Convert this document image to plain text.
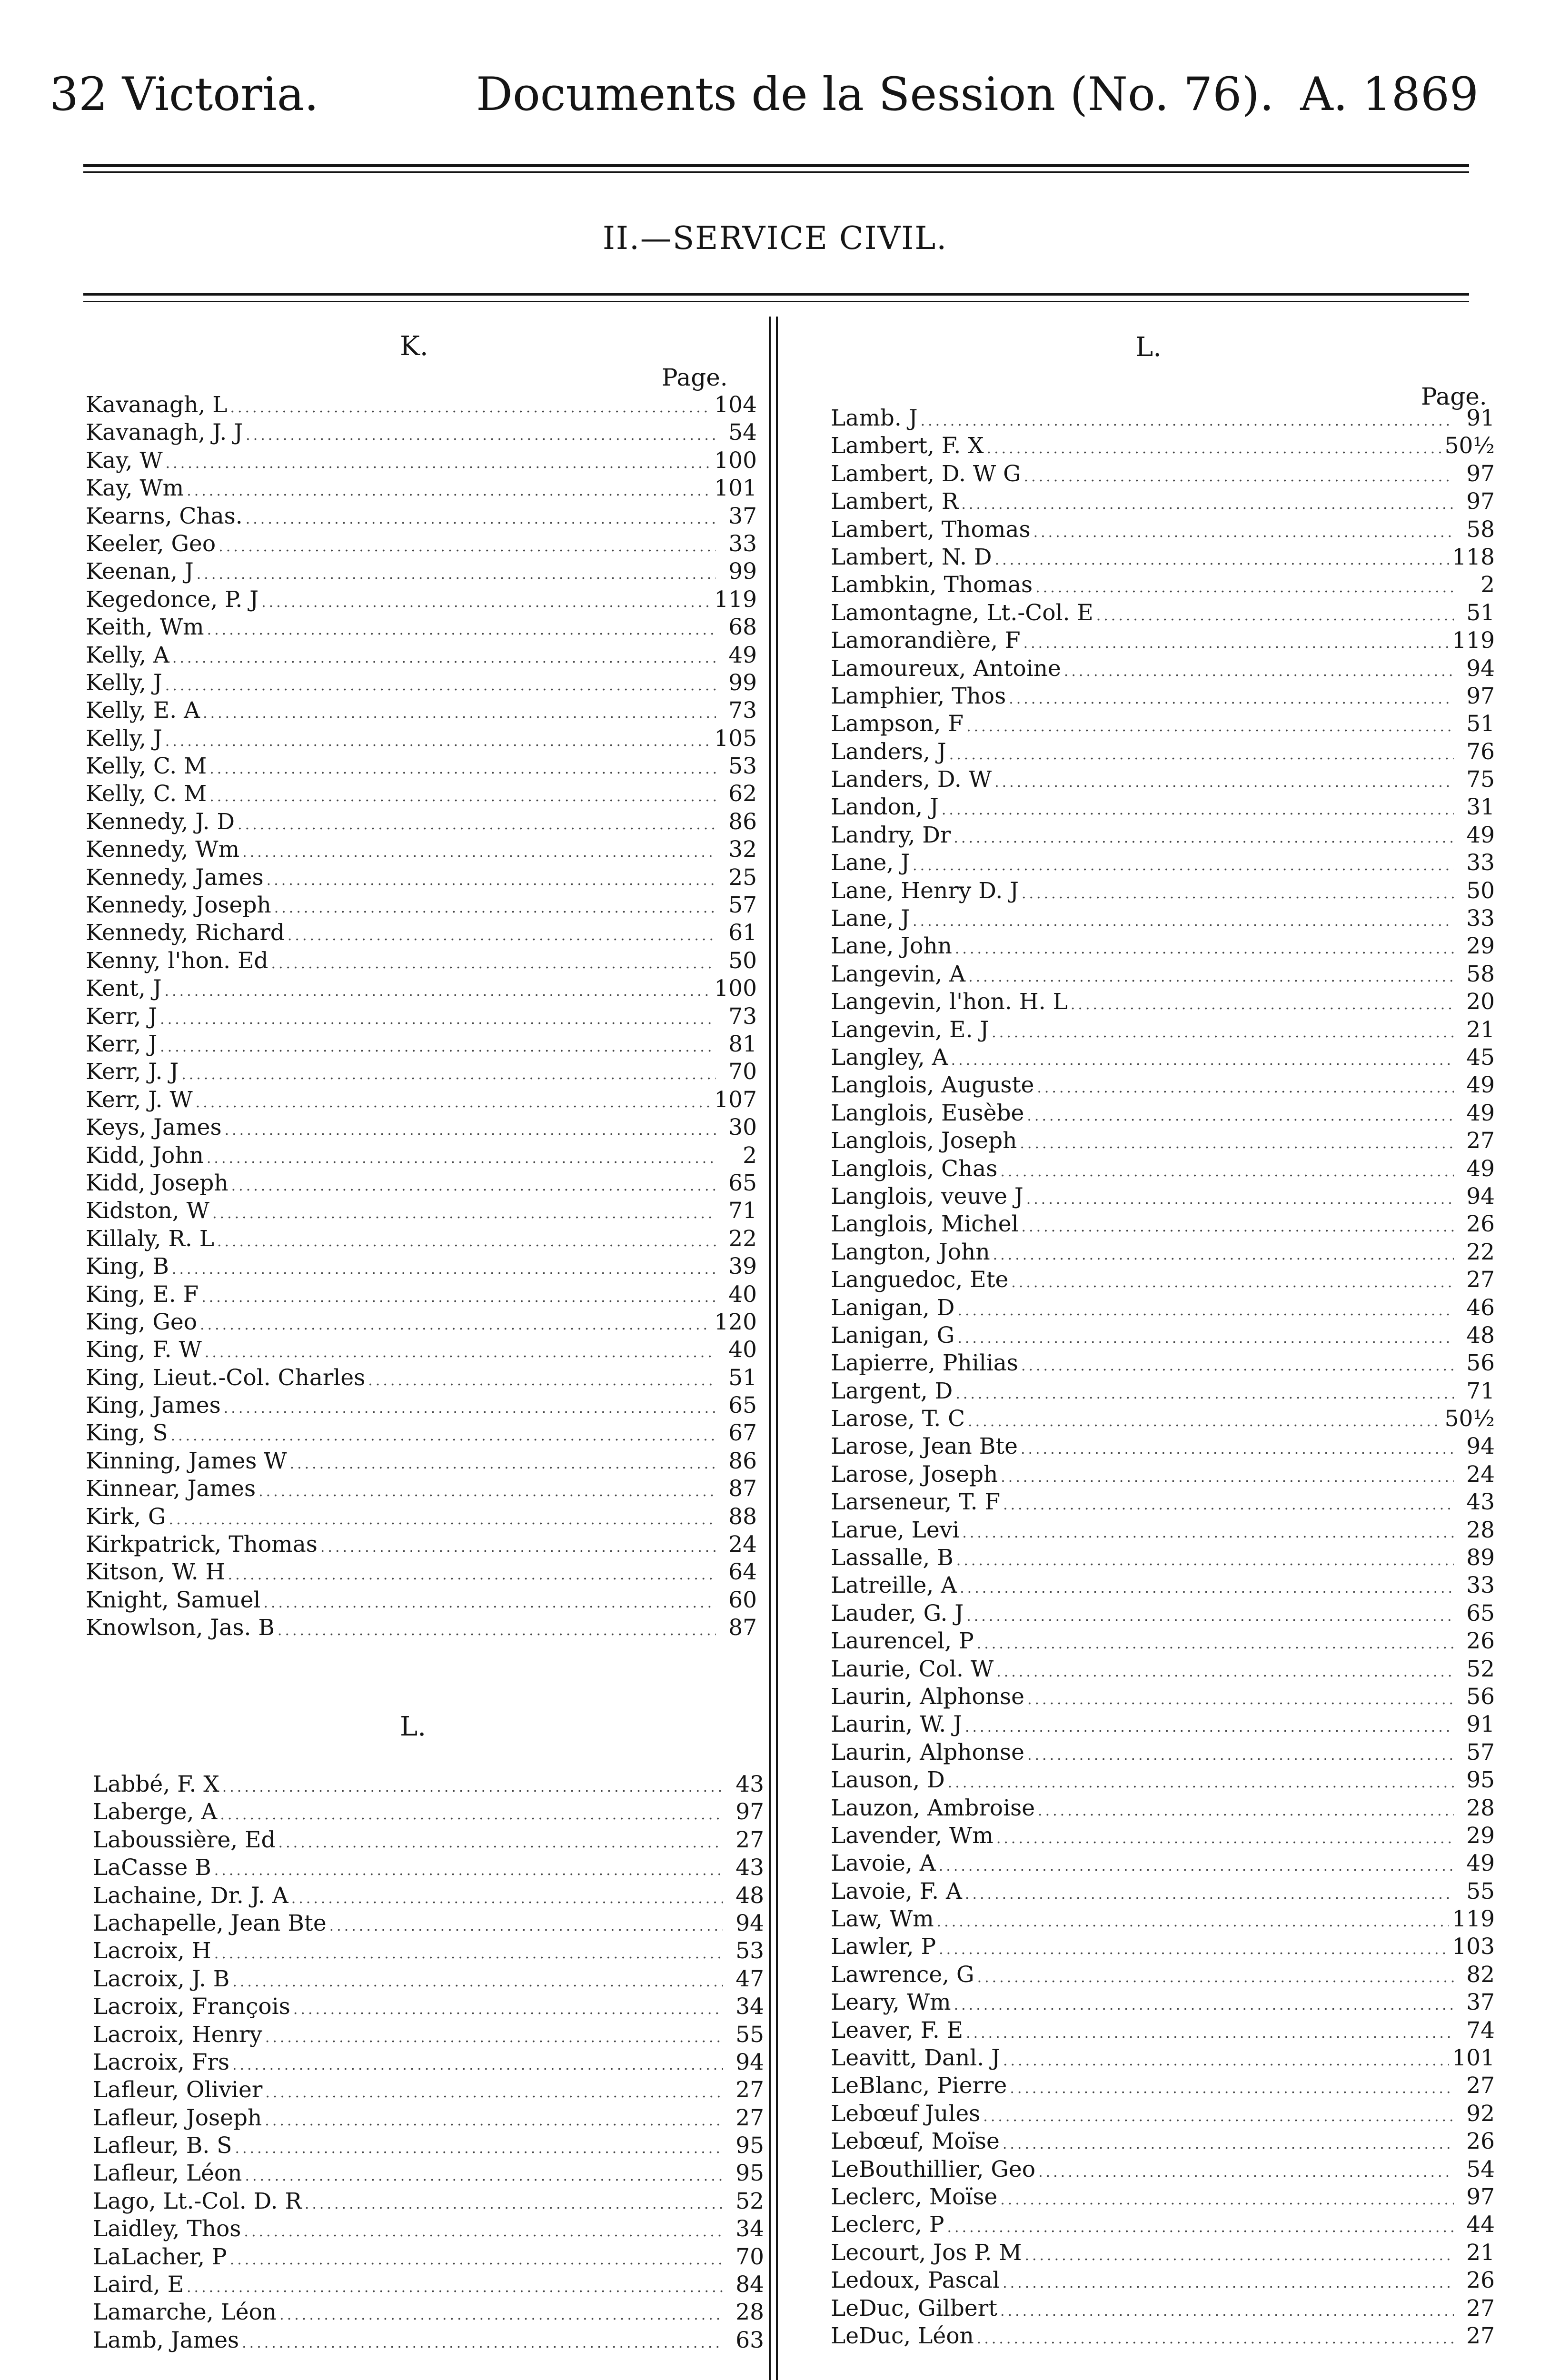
32 Victoria.	Documents de la Session (No. 76). A. 1869
II.—SERVICE CIVIL.
K.
Page.
Kavanagh, L .....	104
Kavanagh, J. J .....	54
Kay, W .....	100
Kay, Wm .....	101
Kearns, Chas. .....	37
Keeler, Geo .....	33
Keenan, J .....	99
Kegedonce, P. J .....	119
Keith, Wm .....	68
Kelly, A .....	49
Kelly, J .....	99
Kelly, E. A .....	73
Kelly, J .....	105
Kelly, C. M .....	53
Kelly, C. M .....	62
Kennedy, J. D .....	86
Kennedy, Wm .....	32
Kennedy, James .....	25
Kennedy, Joseph .....	57
Kennedy, Richard .....	61
Kenny, l'hon. Ed .....	50
Kent, J .....	100
Kerr, J .....	73
Kerr, J .....	81
Kerr, J. J .....	70
Kerr, J. W .....	107
Keys, James .....	30
Kidd, John .....	2
Kidd, Joseph .....	65
Kidston, W .....	71
Killaly, R. L .....	22
King, B .....	39
King, E. F .....	40
King, Geo .....	120
King, F. W .....	40
King, Lieut.-Col. Charles .....	51
King, James .....	65
King, S .....	67
Kinning, James W .....	86
Kinnear, James .....	87
Kirk, G .....	88
Kirkpatrick, Thomas .....	24
Kitson, W. H .....	64
Knight, Samuel .....	60
Knowlson, Jas. B .....	87
L.
Labbé, F. X .....	43
Laberge, A .....	97
Laboussière, Ed .....	27
LaCasse B .....	43
Lachaine, Dr. J. A .....	48
Lachapelle, Jean Bte .....	94
Lacroix, H .....	53
Lacroix, J. B .....	47
Lacroix, François .....	34
Lacroix, Henry .....	55
Lacroix, Frs .....	94
Lafleur, Olivier .....	27
Lafleur, Joseph .....	27
Lafleur, B. S .....	95
Lafleur, Léon .....	95
Lago, Lt.-Col. D. R .....	52
Laidley, Thos .....	34
LaLacher, P .....	70
Laird, E .....	84
Lamarche, Léon .....	28
Lamb, James .....	63
L.
Page.
Lamb. J .....	91
Lambert, F. X .....	50½
Lambert, D. W G .....	97
Lambert, R .....	97
Lambert, Thomas .....	58
Lambert, N. D .....	118
Lambkin, Thomas .....	2
Lamontagne, Lt.-Col. E .....	51
Lamorandière, F .....	119
Lamoureux, Antoine .....	94
Lamphier, Thos .....	97
Lampson, F .....	51
Landers, J .....	76
Landers, D. W .....	75
Landon, J .....	31
Landry, Dr .....	49
Lane, J .....	33
Lane, Henry D. J .....	50
Lane, J .....	33
Lane, John .....	29
Langevin, A .....	58
Langevin, l'hon. H. L .....	20
Langevin, E. J .....	21
Langley, A .....	45
Langlois, Auguste .....	49
Langlois, Eusèbe .....	49
Langlois, Joseph .....	27
Langlois, Chas .....	49
Langlois, veuve J .....	94
Langlois, Michel .....	26
Langton, John .....	22
Languedoc, Ete .....	27
Lanigan, D .....	46
Lanigan, G .....	48
Lapierre, Philias .....	56
Largent, D .....	71
Larose, T. C .....	50½
Larose, Jean Bte .....	94
Larose, Joseph .....	24
Larseneur, T. F .....	43
Larue, Levi .....	28
Lassalle, B .....	89
Latreille, A .....	33
Lauder, G. J .....	65
Laurencel, P .....	26
Laurie, Col. W .....	52
Laurin, Alphonse .....	56
Laurin, W. J .....	91
Laurin, Alphonse .....	57
Lauson, D .....	95
Lauzon, Ambroise .....	28
Lavender, Wm .....	29
Lavoie, A .....	49
Lavoie, F. A .....	55
Law, Wm .....	119
Lawler, P .....	103
Lawrence, G .....	82
Leary, Wm .....	37
Leaver, F. E .....	74
Leavitt, Danl. J .....	101
LeBlanc, Pierre .....	27
Lebœuf Jules .....	92
Lebœuf, Moïse .....	26
LeBouthillier, Geo .....	54
Leclerc, Moïse .....	97
Leclerc, P .....	44
Lecourt, Jos P. M .....	21
Ledoux, Pascal .....	26
LeDuc, Gilbert .....	27
LeDuc, Léon .....	27
